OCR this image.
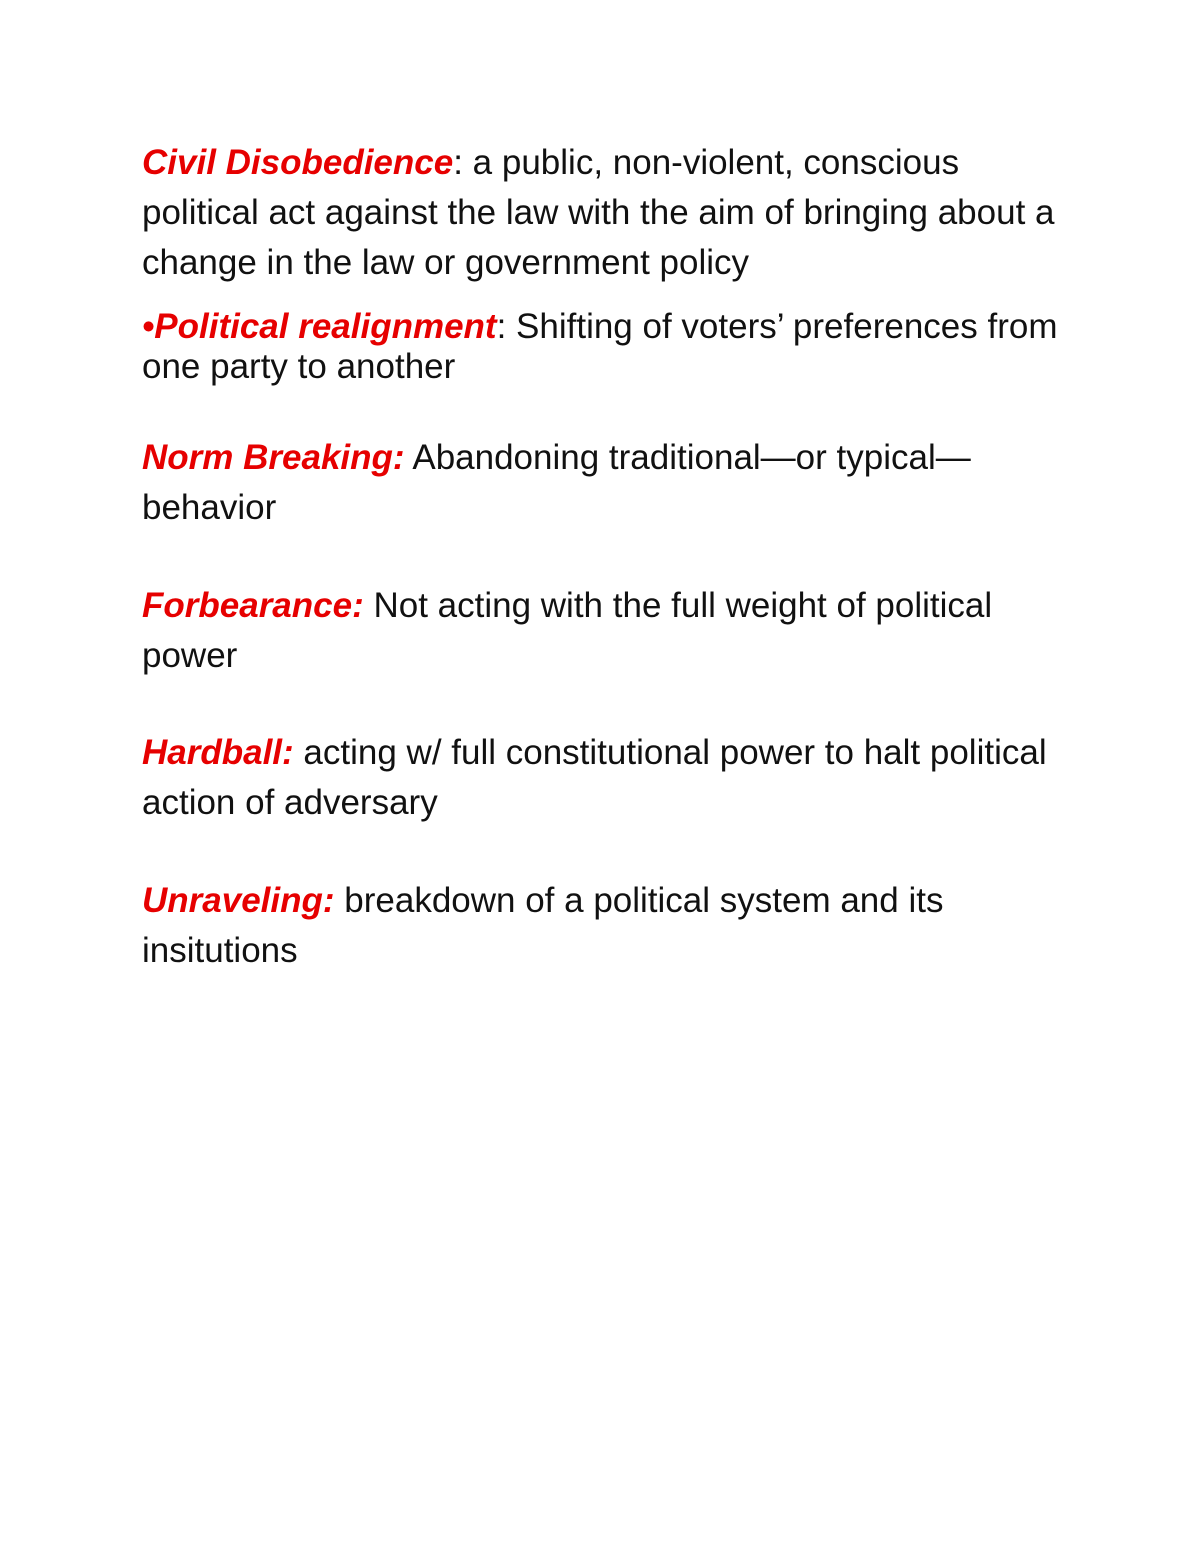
Civil Disobedience: a public, non-violent, conscious political act against the law with the aim of bringing about a change in the law or government policy

•Political realignment: Shifting of voters’ preferences from one party to another

Norm Breaking: Abandoning traditional—or typical—behavior

Forbearance: Not acting with the full weight of political power

Hardball: acting w/ full constitutional power to halt political action of adversary

Unraveling: breakdown of a political system and its insitutions
